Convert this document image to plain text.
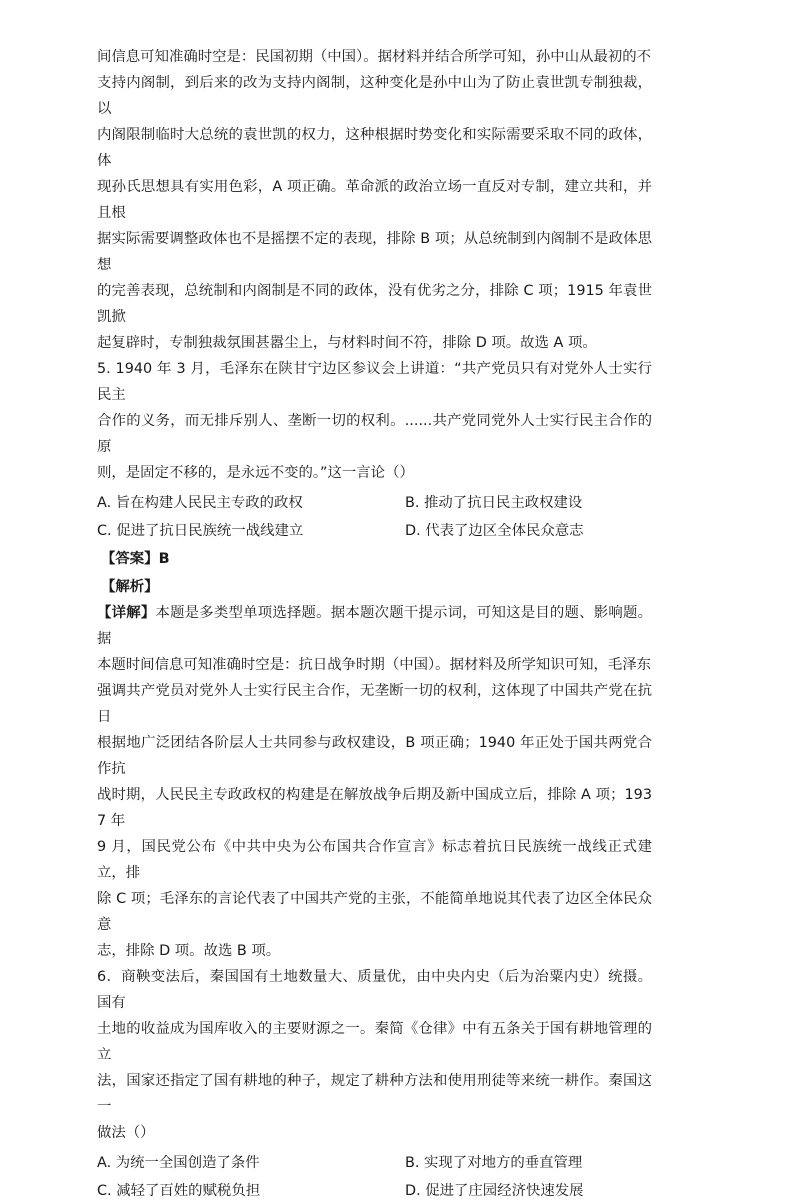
间信息可知准确时空是：民国初期（中国）。据材料并结合所学可知，孙中山从最初的不

支持内阁制，到后来的改为支持内阁制，这种变化是孙中山为了防止袁世凯专制独裁，以

内阁限制临时大总统的袁世凯的权力，这种根据时势变化和实际需要采取不同的政体，体

现孙氏思想具有实用色彩，A 项正确。革命派的政治立场一直反对专制，建立共和，并且根

据实际需要调整政体也不是摇摆不定的表现，排除 B 项；从总统制到内阁制不是政体思想

的完善表现，总统制和内阁制是不同的政体，没有优劣之分，排除 C 项；1915 年袁世凯掀

起复辟时，专制独裁氛围甚嚣尘上，与材料时间不符，排除 D 项。故选 A 项。

5. 1940 年 3 月，毛泽东在陕甘宁边区参议会上讲道：“共产党员只有对党外人士实行民主

合作的义务，而无排斥别人、垄断一切的权利。......共产党同党外人士实行民主合作的原

则，是固定不移的，是永远不变的。”这一言论（）

A. 旨在构建人民民主专政的政权	B. 推动了抗日民主政权建设
C. 促进了抗日民族统一战线建立	D. 代表了边区全体民众意志
【答案】B
【解析】

【详解】本题是多类型单项选择题。据本题次题干提示词，可知这是目的题、影响题。据

本题时间信息可知准确时空是：抗日战争时期（中国）。据材料及所学知识可知，毛泽东

强调共产党员对党外人士实行民主合作，无垄断一切的权利，这体现了中国共产党在抗日

根据地广泛团结各阶层人士共同参与政权建设，B 项正确；1940 年正处于国共两党合作抗

战时期，人民民主专政政权的构建是在解放战争后期及新中国成立后，排除 A 项；1937 年

9 月，国民党公布《中共中央为公布国共合作宣言》标志着抗日民族统一战线正式建立，排

除 C 项；毛泽东的言论代表了中国共产党的主张，不能简单地说其代表了边区全体民众意

志，排除 D 项。故选 B 项。

6．商鞅变法后，秦国国有土地数量大、质量优，由中央内史（后为治粟内史）统摄。国有

土地的收益成为国库收入的主要财源之一。秦简《仓律》中有五条关于国有耕地管理的立

法，国家还指定了国有耕地的种子，规定了耕种方法和使用刑徒等来统一耕作。秦国这一

做法（）

A. 为统一全国创造了条件	B. 实现了对地方的垂直管理
C. 减轻了百姓的赋税负担	D. 促进了庄园经济快速发展
